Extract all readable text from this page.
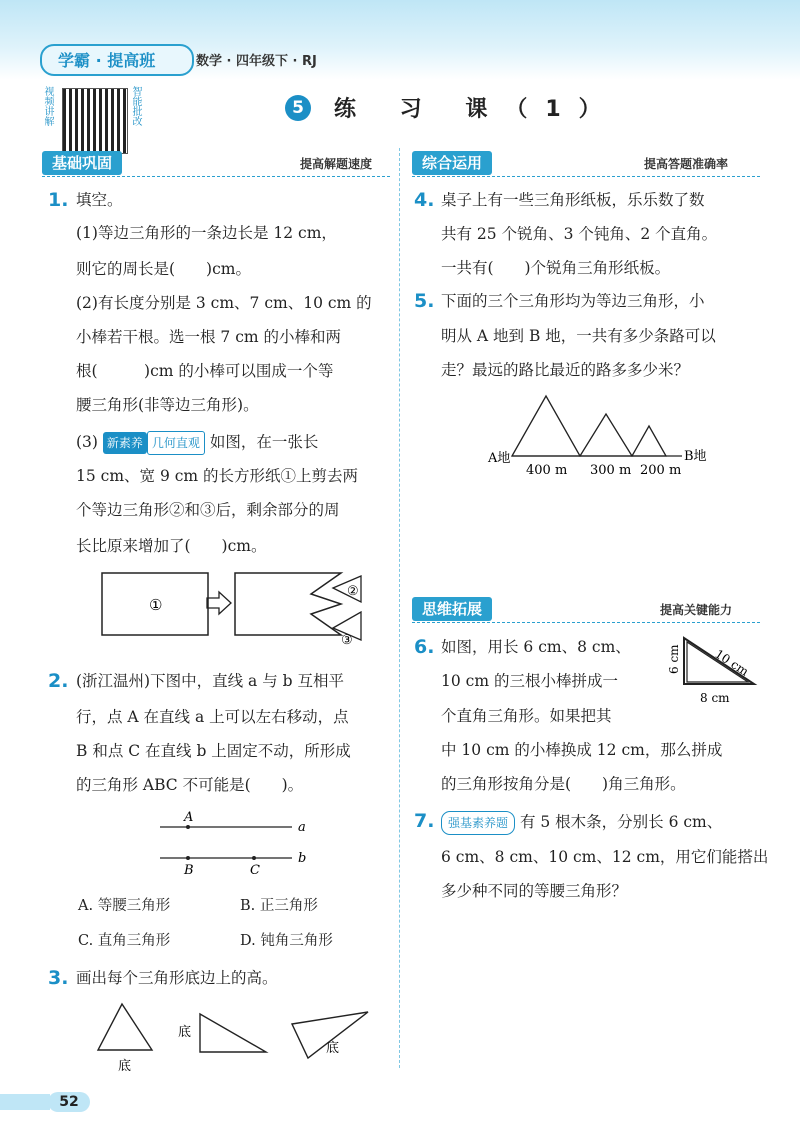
学霸 · 提高班	数学 · 四年级下 · RJ
视频讲解	智能批改	5	练 习 课（1）
基础巩固	提高解题速度
1. 填空。
(1)等边三角形的一条边长是 12 cm，
则它的周长是(　　)cm。
(2)有长度分别是 3 cm、7 cm、10 cm 的
小棒若干根。选一根 7 cm 的小棒和两
根(　　　)cm 的小棒可以围成一个等
腰三角形(非等边三角形)。
(3) 新素养 几何直观 如图，在一张长
15 cm、宽 9 cm 的长方形纸①上剪去两
个等边三角形②和③后，剩余部分的周
长比原来增加了(　　)cm。
①
②
③
2. (浙江温州)下图中，直线 a 与 b 互相平
行，点 A 在直线 a 上可以左右移动，点
B 和点 C 在直线 b 上固定不动，所形成
的三角形 ABC 不可能是(　　)。
A
a
B	C
b
A. 等腰三角形	B. 正三角形
C. 直角三角形	D. 钝角三角形
3. 画出每个三角形底边上的高。
底
底
底
综合运用	提高答题准确率
4. 桌子上有一些三角形纸板，乐乐数了数
共有 25 个锐角、3 个钝角、2 个直角。
一共有(　　)个锐角三角形纸板。
5. 下面的三个三角形均为等边三角形，小
明从 A 地到 B 地，一共有多少条路可以
走？最远的路比最近的路多多少米？
A地	B地
400 m 300 m 200 m
思维拓展	提高关键能力
6. 如图，用长 6 cm、8 cm、
10 cm 的三根小棒拼成一
个直角三角形。如果把其
中 10 cm 的小棒换成 12 cm，那么拼成
的三角形按角分是(　　)角三角形。
10 cm
6 cm
8 cm
7.	强基素养题 有 5 根木条，分别长 6 cm、
6 cm、8 cm、10 cm、12 cm，用它们能搭出
多少种不同的等腰三角形？
52
